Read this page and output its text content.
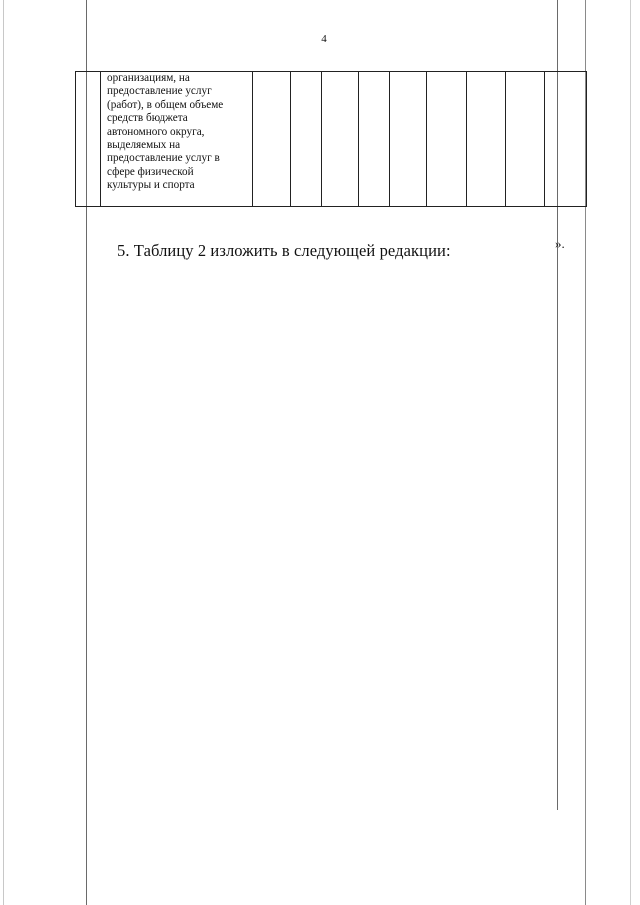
4
	организациям, на
предоставление услуг
(работ), в общем объеме
средств бюджета
автономного округа,
выделяемых на
предоставление услуг в
сфере физической
культуры и спорта									
».
5. Таблицу 2 изложить в следующей редакции:
